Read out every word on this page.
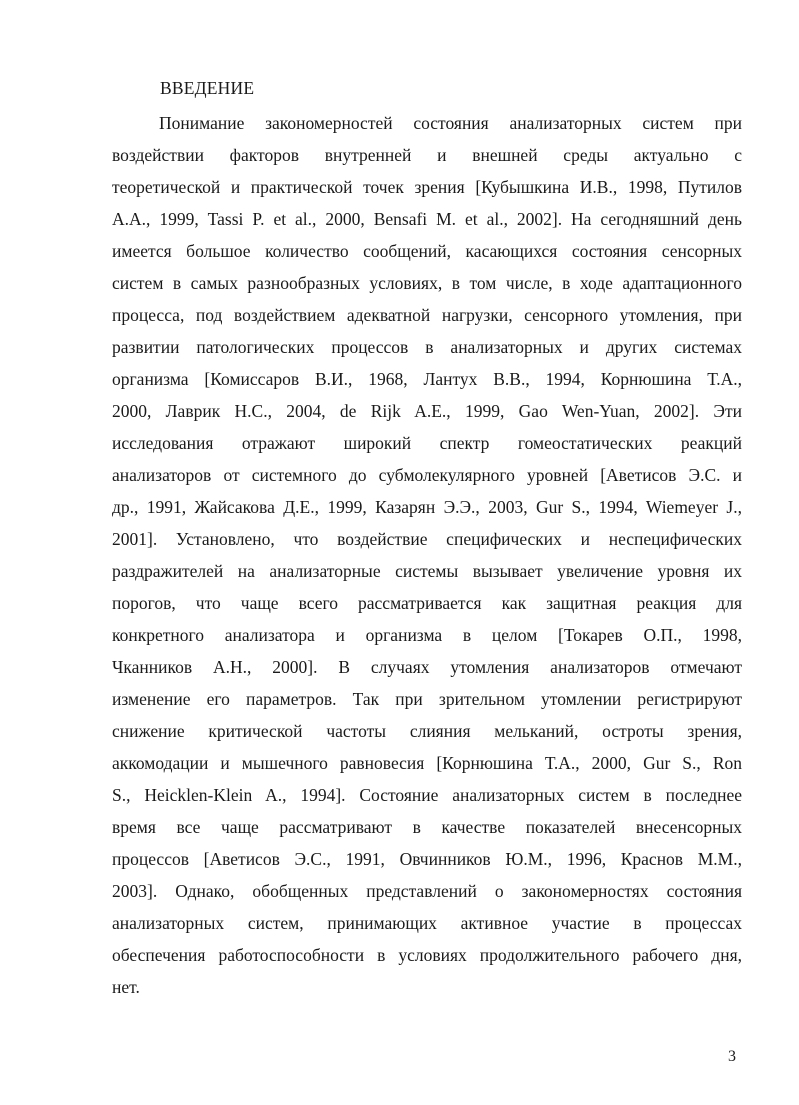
ВВЕДЕНИЕ
Понимание закономерностей состояния анализаторных систем при
воздействии факторов внутренней и внешней среды актуально с
теоретической и практической точек зрения [Кубышкина И.В., 1998, Путилов
А.А., 1999, Tassi P. et al., 2000, Bensafi M. et al., 2002]. На сегодняшний день
имеется большое количество сообщений, касающихся состояния сенсорных
систем в самых разнообразных условиях, в том числе, в ходе адаптационного
процесса, под воздействием адекватной нагрузки, сенсорного утомления, при
развитии патологических процессов в анализаторных и других системах
организма [Комиссаров В.И., 1968, Лантух В.В., 1994, Корнюшина Т.А.,
2000, Лаврик Н.С., 2004, de Rijk A.E., 1999, Gao Wen-Yuan, 2002]. Эти
исследования отражают широкий спектр гомеостатических реакций
анализаторов от системного до субмолекулярного уровней [Аветисов Э.С. и
др., 1991, Жайсакова Д.Е., 1999, Казарян Э.Э., 2003, Gur S., 1994, Wiemeyer J.,
2001]. Установлено, что воздействие специфических и неспецифических
раздражителей на анализаторные системы вызывает увеличение уровня их
порогов, что чаще всего рассматривается как защитная реакция для
конкретного анализатора и организма в целом [Токарев О.П., 1998,
Чканников А.Н., 2000]. В случаях утомления анализаторов отмечают
изменение его параметров. Так при зрительном утомлении регистрируют
снижение критической частоты слияния мельканий, остроты зрения,
аккомодации и мышечного равновесия [Корнюшина Т.А., 2000, Gur S., Ron
S., Heicklen-Klein A., 1994]. Состояние анализаторных систем в последнее
время все чаще рассматривают в качестве показателей внесенсорных
процессов [Аветисов Э.С., 1991, Овчинников Ю.М., 1996, Краснов М.М.,
2003]. Однако, обобщенных представлений о закономерностях состояния
анализаторных систем, принимающих активное участие в процессах
обеспечения работоспособности в условиях продолжительного рабочего дня,
нет.
3
